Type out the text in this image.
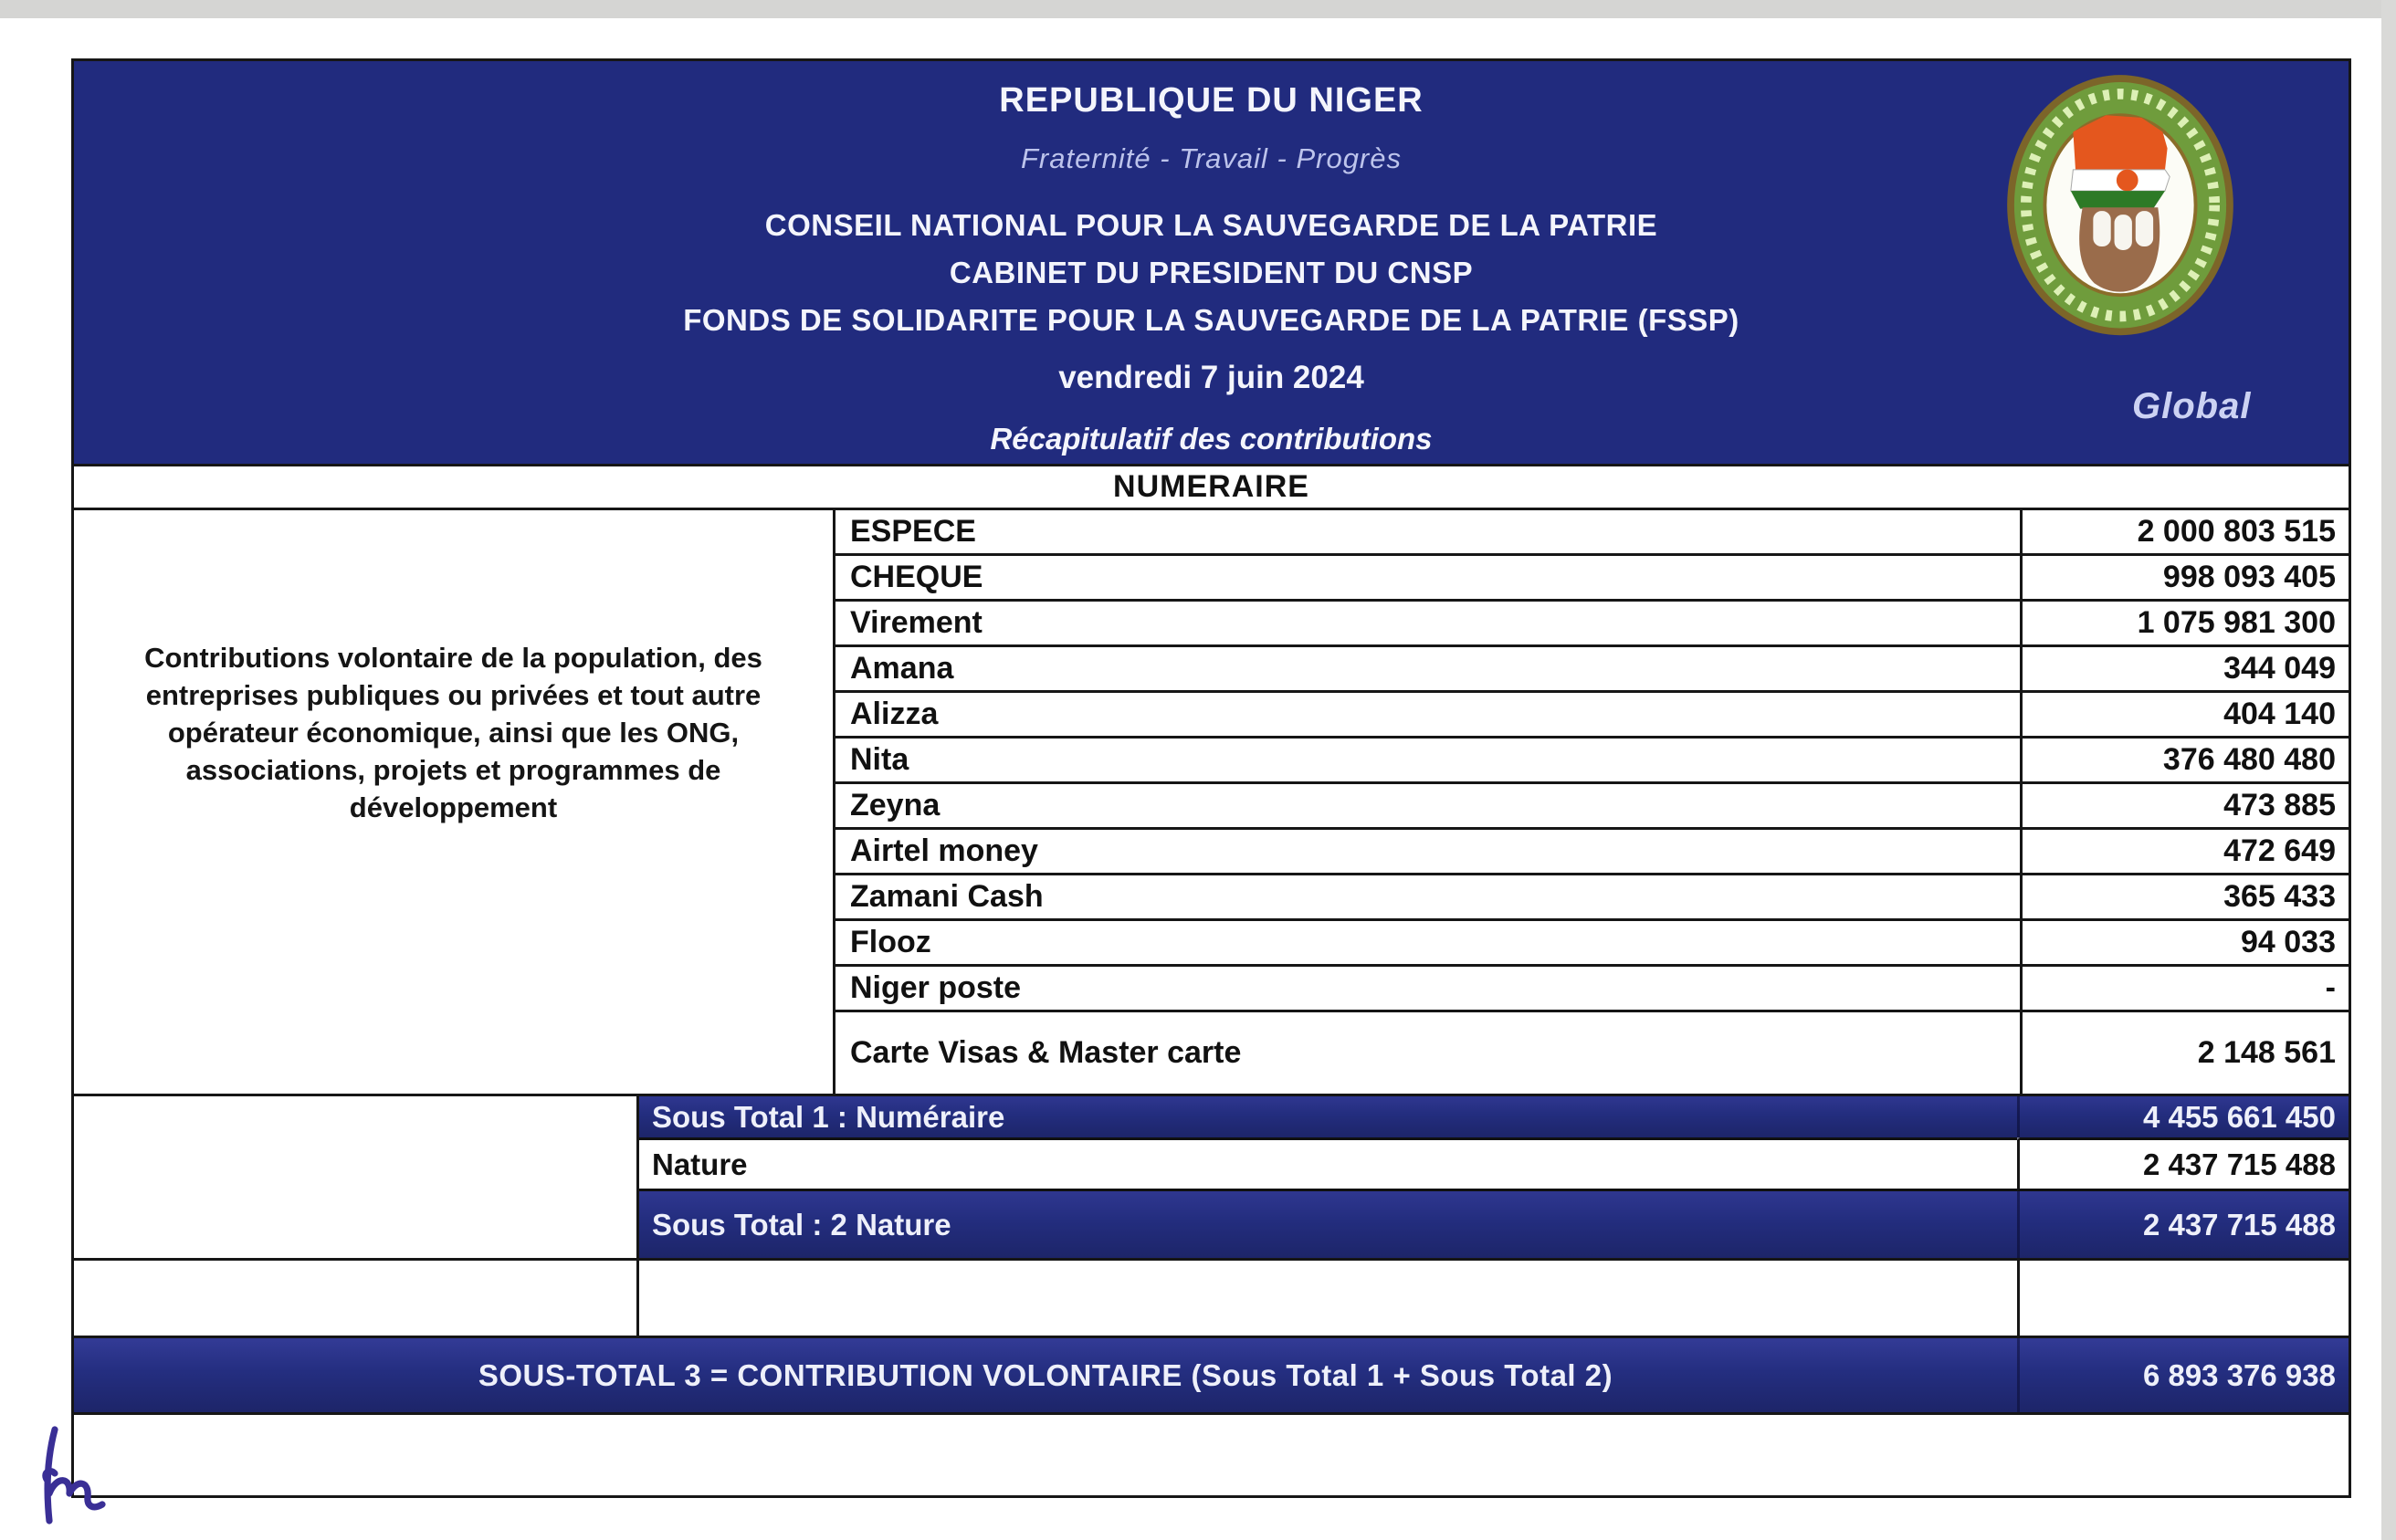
REPUBLIQUE DU NIGER
Fraternité - Travail - Progrès
CONSEIL NATIONAL POUR LA SAUVEGARDE DE LA PATRIE
CABINET DU PRESIDENT DU CNSP
FONDS DE SOLIDARITE POUR LA SAUVEGARDE DE LA PATRIE (FSSP)
vendredi 7 juin 2024
Récapitulatif des contributions
Global
NUMERAIRE
Contributions volontaire de la population, des entreprises publiques ou privées et tout autre opérateur économique, ainsi que les ONG, associations, projets et programmes de développement
ESPECE	2 000 803 515
CHEQUE	998 093 405
Virement	1 075 981 300
Amana	344 049
Alizza	404 140
Nita	376 480 480
Zeyna	473 885
Airtel money	472 649
Zamani Cash	365 433
Flooz	94 033
Niger poste	-
Carte Visas & Master carte	2 148 561
Sous Total 1 : Numéraire	4 455 661 450
Nature	2 437 715 488
Sous Total : 2 Nature	2 437 715 488
SOUS-TOTAL 3 = CONTRIBUTION VOLONTAIRE (Sous Total 1 + Sous Total 2)	6 893 376 938
